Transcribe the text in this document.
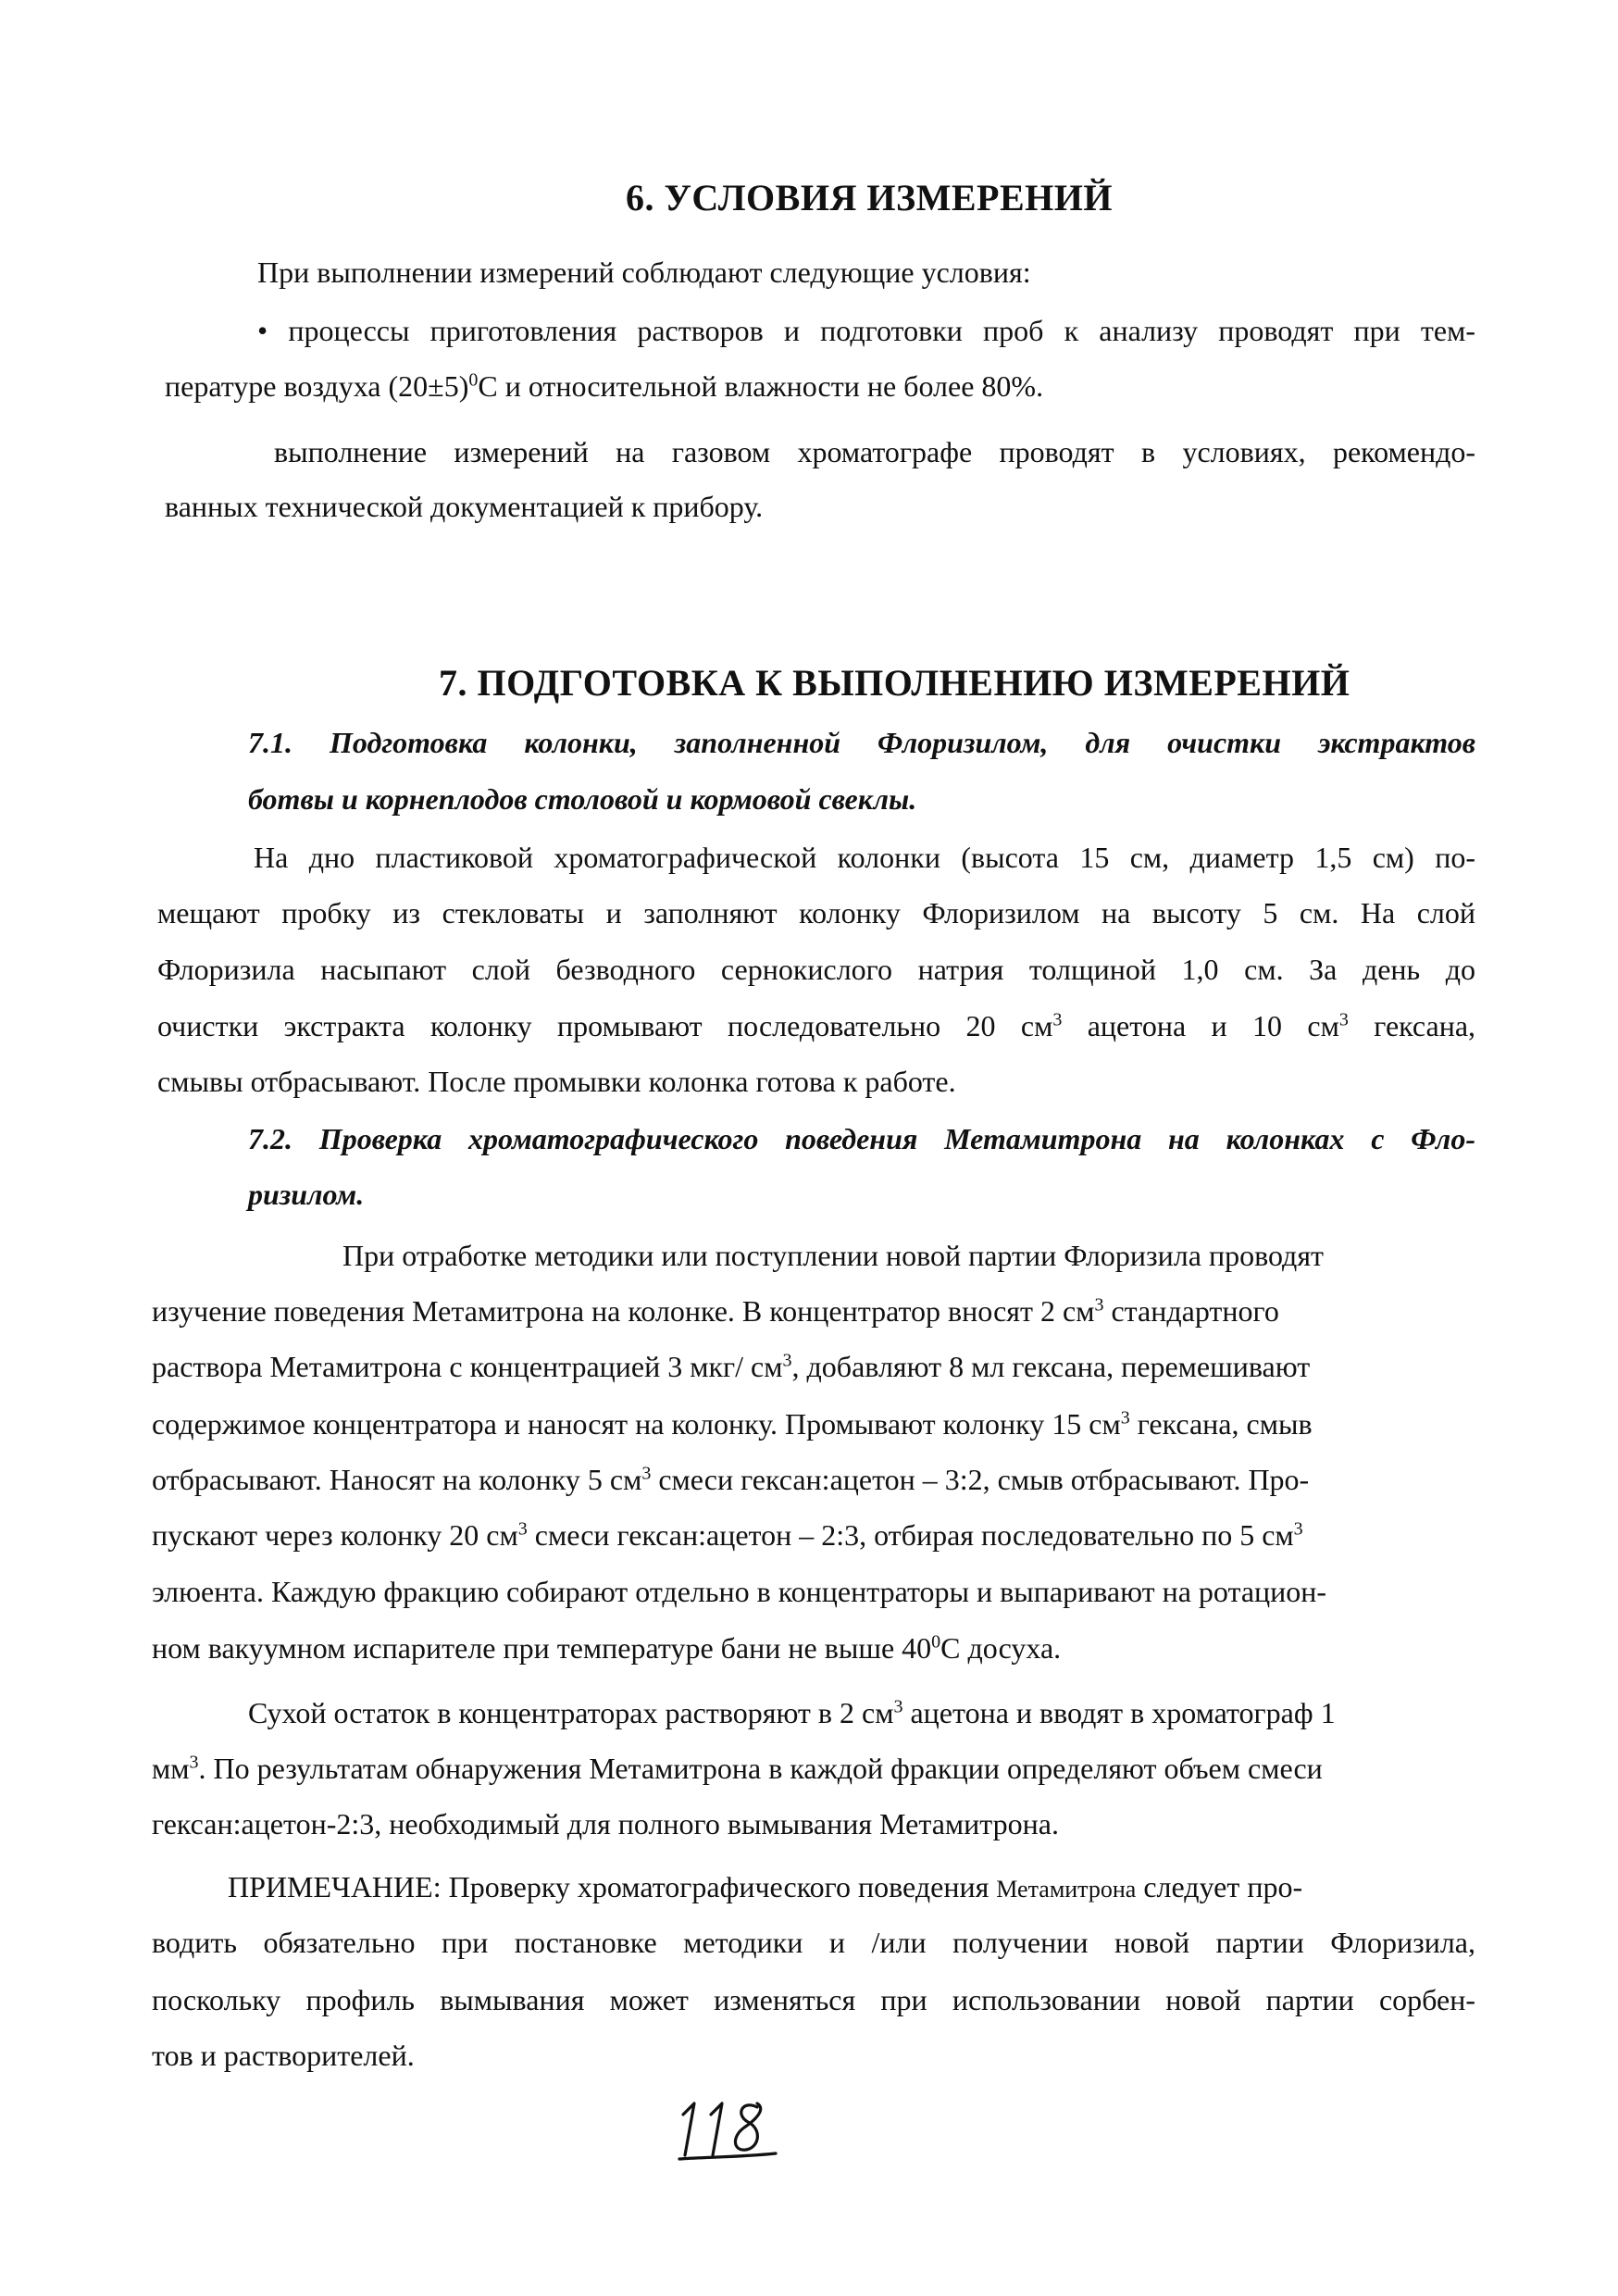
6. УСЛОВИЯ ИЗМЕРЕНИЙ
При выполнении измерений соблюдают следующие условия:
• процессы приготовления растворов и подготовки проб к анализу проводят при тем-
пературе воздуха $(20\pm 5)^0С$ и относительной влажности не более 80%.
выполнение измерений на газовом хроматографе проводят в условиях, рекомендо-
ванных технической документацией к прибору.
7. ПОДГОТОВКА К ВЫПОЛНЕНИЮ ИЗМЕРЕНИЙ
7.1. Подготовка колонки, заполненной Флоризилом, для очистки экстрактов
ботвы и корнеплодов столовой и кормовой свеклы.
На дно пластиковой хроматографической колонки (высота 15 см, диаметр 1,5 см) по-
мещают пробку из стекловаты и заполняют колонку Флоризилом на высоту 5 см. На слой
Флоризила насыпают слой безводного сернокислого натрия толщиной 1,0 см. За день до
очистки экстракта колонку промывают последовательно 20 $см^3$ ацетона и 10 $см^3$ гексана,
смывы отбрасывают. После промывки колонка готова к работе.
7.2. Проверка хроматографического поведения Метамитрона на колонках с Фло-
ризилом.
При отработке методики или поступлении новой партии Флоризила проводят
изучение поведения Метамитрона на колонке. В концентратор вносят 2 $см^3$ стандартного
раствора Метамитрона с концентрацией 3 мкг/ $см^3$, добавляют 8 мл гексана, перемешивают
содержимое концентратора и наносят на колонку. Промывают колонку 15 $см^3$ гексана, смыв
отбрасывают. Наносят на колонку 5 $см^3$ смеси гексан:ацетон – 3:2, смыв отбрасывают. Про-
пускают через колонку 20 $см^3$ смеси гексан:ацетон – 2:3, отбирая последовательно по 5 $см^3$
элюента. Каждую фракцию собирают отдельно в концентраторы и выпаривают на ротацион-
ном вакуумном испарителе при температуре бани не выше $40^0С$ досуха.
Сухой остаток в концентраторах растворяют в 2 $см^3$ ацетона и вводят в хроматограф 1
$мм^3$. По результатам обнаружения Метамитрона в каждой фракции определяют объем смеси
гексан:ацетон-2:3, необходимый для полного вымывания Метамитрона.
ПРИМЕЧАНИЕ: Проверку хроматографического поведения Метамитрона следует про-
водить обязательно при постановке методики и /или получении новой партии Флоризила,
поскольку профиль вымывания может изменяться при использовании новой партии сорбен-
тов и растворителей.
